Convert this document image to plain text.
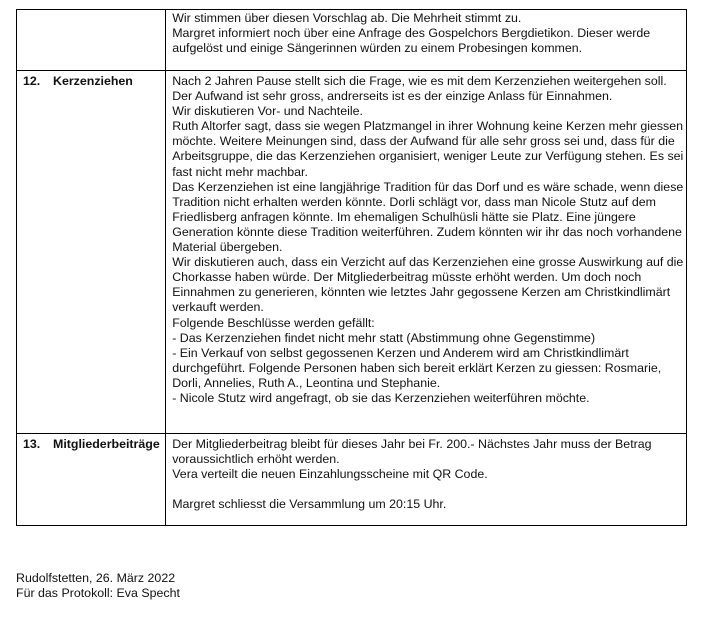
	Wir stimmen über diesen Vorschlag ab. Die Mehrheit stimmt zu.

Margret informiert noch über eine Anfrage des Gospelchors Bergdietikon. Dieser werde aufgelöst und einige Sängerinnen würden zu einem Probesingen kommen.

12.	Kerzenziehen	Nach 2 Jahren Pause stellt sich die Frage, wie es mit dem Kerzenziehen weitergehen soll. Der Aufwand ist sehr gross, andrerseits ist es der einzige Anlass für Einnahmen.

Wir diskutieren Vor- und Nachteile.

Ruth Altorfer sagt, dass sie wegen Platzmangel in ihrer Wohnung keine Kerzen mehr giessen möchte. Weitere Meinungen sind, dass der Aufwand für alle sehr gross sei und, dass für die Arbeitsgruppe, die das Kerzenziehen organisiert, weniger Leute zur Verfügung stehen. Es sei fast nicht mehr machbar.

Das Kerzenziehen ist eine langjährige Tradition für das Dorf und es wäre schade, wenn diese Tradition nicht erhalten werden könnte. Dorli schlägt vor, dass man Nicole Stutz auf dem Friedlisberg anfragen könnte. Im ehemaligen Schulhüsli hätte sie Platz. Eine jüngere Generation könnte diese Tradition weiterführen. Zudem könnten wir ihr das noch vorhandene Material übergeben.

Wir diskutieren auch, dass ein Verzicht auf das Kerzenziehen eine grosse Auswirkung auf die Chorkasse haben würde. Der Mitgliederbeitrag müsste erhöht werden. Um doch noch Einnahmen zu generieren, könnten wie letztes Jahr gegossene Kerzen am Christkindlimärt verkauft werden.

Folgende Beschlüsse werden gefällt:

- Das Kerzenziehen findet nicht mehr statt (Abstimmung ohne Gegenstimme)

- Ein Verkauf von selbst gegossenen Kerzen und Anderem wird am Christkindlimärt durchgeführt. Folgende Personen haben sich bereit erklärt Kerzen zu giessen: Rosmarie, Dorli, Annelies, Ruth A., Leontina und Stephanie.

- Nicole Stutz wird angefragt, ob sie das Kerzenziehen weiterführen möchte.

13.	Mitgliederbeiträge	Der Mitgliederbeitrag bleibt für dieses Jahr bei Fr. 200.- Nächstes Jahr muss der Betrag voraussichtlich erhöht werden.

Vera verteilt die neuen Einzahlungsscheine mit QR Code.

Margret schliesst die Versammlung um 20:15 Uhr.

Rudolfstetten, 26. März 2022
Für das Protokoll: Eva Specht
